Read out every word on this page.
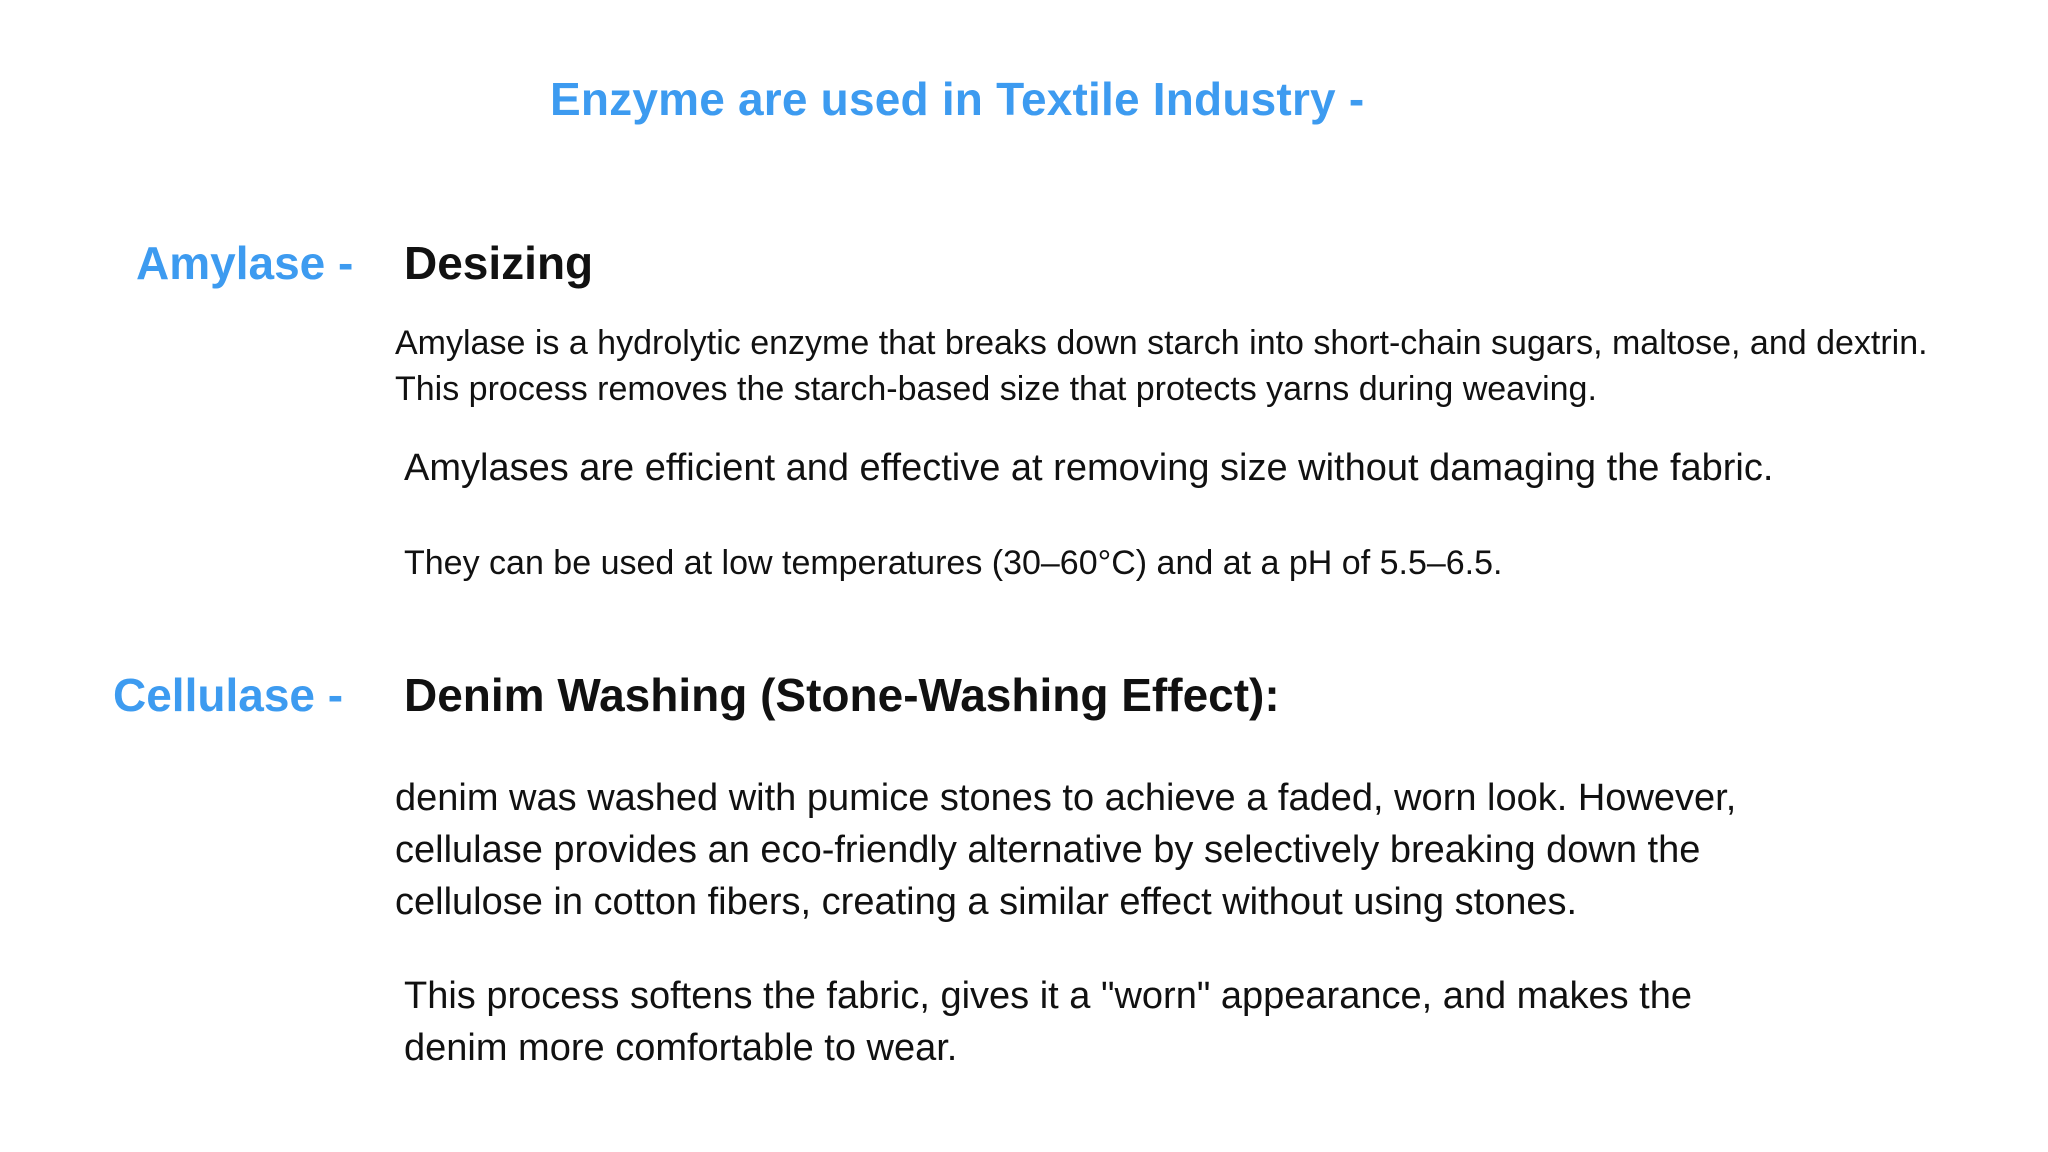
Enzyme are used in Textile Industry -
Amylase - Desizing
Amylase is a hydrolytic enzyme that breaks down starch into short-chain sugars, maltose, and dextrin.
This process removes the starch-based size that protects yarns during weaving.
Amylases are efficient and effective at removing size without damaging the fabric.
They can be used at low temperatures (30–60°C) and at a pH of 5.5–6.5.
Cellulase - Denim Washing (Stone-Washing Effect):
denim was washed with pumice stones to achieve a faded, worn look. However,
cellulase provides an eco-friendly alternative by selectively breaking down the
cellulose in cotton fibers, creating a similar effect without using stones.
This process softens the fabric, gives it a "worn" appearance, and makes the
denim more comfortable to wear.
